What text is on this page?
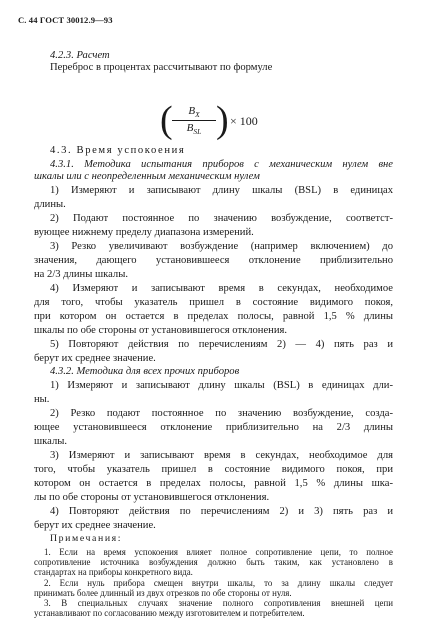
С. 44 ГОСТ 30012.9—93
4.2.3. Расчет
Переброс в процентах рассчитывают по формуле
(	$B_X$
$B_{SL}$ ) × 100
4.3. Время успокоения
4.3.1. Методика испытания приборов с механическим нулем вне
шкалы или с неопределенным механическим нулем
1) Измеряют и записывают длину шкалы (BSL) в единицах
длины.
2) Подают постоянное по значению возбуждение, соответст-
вующее нижнему пределу диапазона измерений.
3) Резко увеличивают возбуждение (например включением) до
значения, дающего установившееся отклонение приблизительно
на 2/3 длины шкалы.
4) Измеряют и записывают время в секундах, необходимое
для того, чтобы указатель пришел в состояние видимого покоя,
при котором он остается в пределах полосы, равной 1,5 % длины
шкалы по обе стороны от установившегося отклонения.
5) Повторяют действия по перечислениям 2) — 4) пять раз и
берут их среднее значение.
4.3.2. Методика для всех прочих приборов
1) Измеряют и записывают длину шкалы (BSL) в единицах дли-
ны.
2) Резко подают постоянное по значению возбуждение, созда-
ющее установившееся отклонение приблизительно на 2/3 длины
шкалы.
3) Измеряют и записывают время в секундах, необходимое для
того, чтобы указатель пришел в состояние видимого покоя, при
котором он остается в пределах полосы, равной 1,5 % длины шка-
лы по обе стороны от установившегося отклонения.
4) Повторяют действия по перечислениям 2) и 3) пять раз и
берут их среднее значение.
Примечания:
1. Если на время успокоения влияет полное сопротивление цепи, то полное
сопротивление источника возбуждения должно быть таким, как установлено в
стандартах на приборы конкретного вида.
2. Если нуль прибора смещен внутри шкалы, то за длину шкалы следует
принимать более длинный из двух отрезков по обе стороны от нуля.
3. В специальных случаях значение полного сопротивления внешней цепи
устанавливают по согласованию между изготовителем и потребителем.
